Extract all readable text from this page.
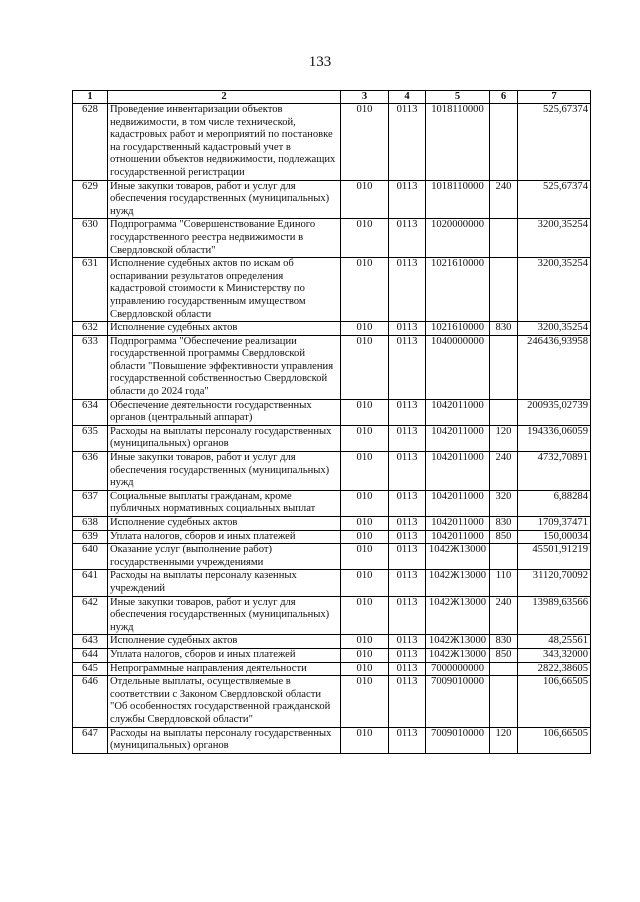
133
1	2	3	4	5	6	7
628	Проведение инвентаризации объектов недвижимости, в том числе технической, кадастровых работ и мероприятий по постановке на государственный кадастровый учет в отношении объектов недвижимости, подлежащих государственной регистрации	010	0113	1018110000		525,67374
629	Иные закупки товаров, работ и услуг для обеспечения государственных (муниципальных) нужд	010	0113	1018110000	240	525,67374
630	Подпрограмма "Совершенствование Единого государственного реестра недвижимости в Свердловской области"	010	0113	1020000000		3200,35254
631	Исполнение судебных актов по искам об оспаривании результатов определения кадастровой стоимости к Министерству по управлению государственным имуществом Свердловской области	010	0113	1021610000		3200,35254
632	Исполнение судебных актов	010	0113	1021610000	830	3200,35254
633	Подпрограмма "Обеспечение реализации государственной программы Свердловской области "Повышение эффективности управления государственной собственностью Свердловской области до 2024 года"	010	0113	1040000000		246436,93958
634	Обеспечение деятельности государственных органов (центральный аппарат)	010	0113	1042011000		200935,02739
635	Расходы на выплаты персоналу государственных (муниципальных) органов	010	0113	1042011000	120	194336,06059
636	Иные закупки товаров, работ и услуг для обеспечения государственных (муниципальных) нужд	010	0113	1042011000	240	4732,70891
637	Социальные выплаты гражданам, кроме публичных нормативных социальных выплат	010	0113	1042011000	320	6,88284
638	Исполнение судебных актов	010	0113	1042011000	830	1709,37471
639	Уплата налогов, сборов и иных платежей	010	0113	1042011000	850	150,00034
640	Оказание услуг (выполнение работ) государственными учреждениями	010	0113	1042Ж13000		45501,91219
641	Расходы на выплаты персоналу казенных учреждений	010	0113	1042Ж13000	110	31120,70092
642	Иные закупки товаров, работ и услуг для обеспечения государственных (муниципальных) нужд	010	0113	1042Ж13000	240	13989,63566
643	Исполнение судебных актов	010	0113	1042Ж13000	830	48,25561
644	Уплата налогов, сборов и иных платежей	010	0113	1042Ж13000	850	343,32000
645	Непрограммные направления деятельности	010	0113	7000000000		2822,38605
646	Отдельные выплаты, осуществляемые в соответствии с Законом Свердловской области "Об особенностях государственной гражданской службы Свердловской области"	010	0113	7009010000		106,66505
647	Расходы на выплаты персоналу государственных (муниципальных) органов	010	0113	7009010000	120	106,66505
